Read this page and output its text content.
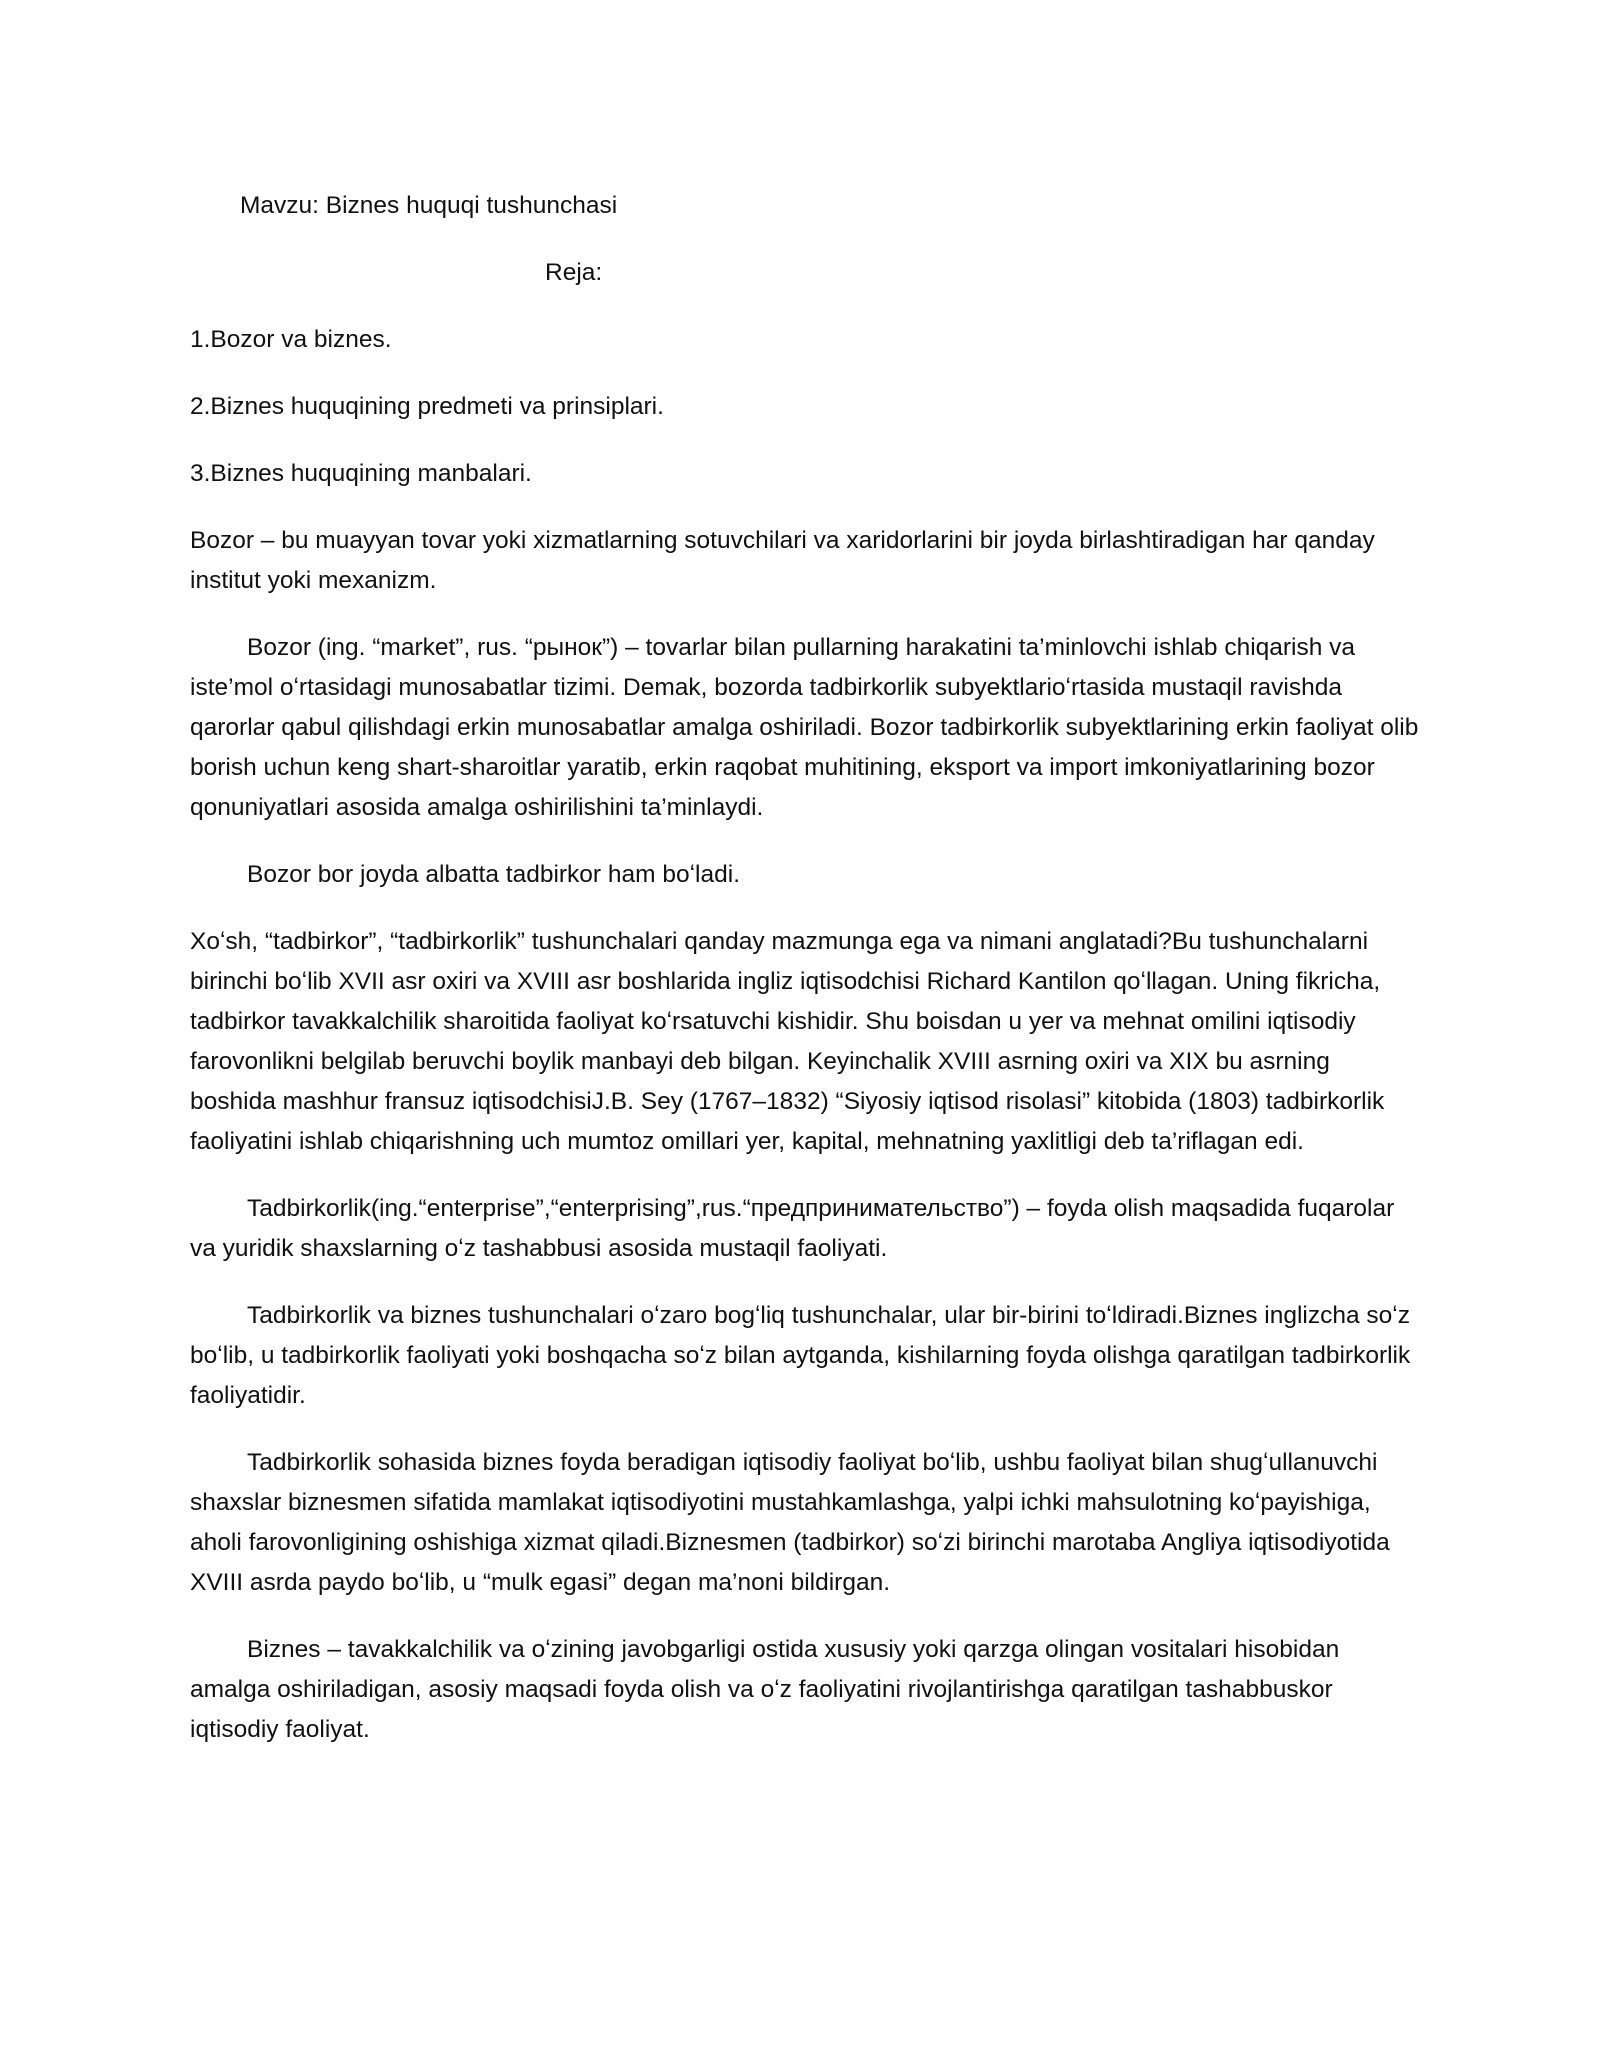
Mavzu: Biznes huquqi tushunchasi

Reja:

1.Bozor va biznes.

2.Biznes huquqining predmeti va prinsiplari.

3.Biznes huquqining manbalari.

Bozor – bu muayyan tovar yoki xizmatlarning sotuvchilari va xaridorlarini bir joyda birlashtiradigan har qanday institut yoki mexanizm.

Bozor (ing. “market”, rus. “рынок”) – tovarlar bilan pullarning harakatini ta’minlovchi ishlab chiqarish va iste’mol oʻrtasidagi munosabatlar tizimi. Demak, bozorda tadbirkorlik subyektlarioʻrtasida mustaqil ravishda qarorlar qabul qilishdagi erkin munosabatlar amalga oshiriladi. Bozor tadbirkorlik subyektlarining erkin faoliyat olib borish uchun keng shart-sharoitlar yaratib, erkin raqobat muhitining, eksport va import imkoniyatlarining bozor qonuniyatlari asosida amalga oshirilishini ta’minlaydi.

Bozor bor joyda albatta tadbirkor ham boʻladi.

Xoʻsh, “tadbirkor”, “tadbirkorlik” tushunchalari qanday mazmunga ega va nimani anglatadi?Bu tushunchalarni birinchi boʻlib XVII asr oxiri va XVIII asr boshlarida ingliz iqtisodchisi Richard Kantilon qoʻllagan. Uning fikricha, tadbirkor tavakkalchilik sharoitida faoliyat koʻrsatuvchi kishidir. Shu boisdan u yer va mehnat omilini iqtisodiy farovonlikni belgilab beruvchi boylik manbayi deb bilgan. Keyinchalik XVIII asrning oxiri va XIX bu asrning boshida mashhur fransuz iqtisodchisiJ.B. Sey (1767–1832) “Siyosiy iqtisod risolasi” kitobida (1803) tadbirkorlik faoliyatini ishlab chiqarishning uch mumtoz omillari yer, kapital, mehnatning yaxlitligi deb ta’riflagan edi.

Tadbirkorlik(ing.“enterprise”,“enterprising”,rus.“предпринимательство”) – foyda olish maqsadida fuqarolar va yuridik shaxslarning oʻz tashabbusi asosida mustaqil faoliyati.

Tadbirkorlik va biznes tushunchalari oʻzaro bogʻliq tushunchalar, ular bir-birini toʻldiradi.Biznes inglizcha soʻz boʻlib, u tadbirkorlik faoliyati yoki boshqacha soʻz bilan aytganda, kishilarning foyda olishga qaratilgan tadbirkorlik faoliyatidir.

Tadbirkorlik sohasida biznes foyda beradigan iqtisodiy faoliyat boʻlib, ushbu faoliyat bilan shugʻullanuvchi shaxslar biznesmen sifatida mamlakat iqtisodiyotini mustahkamlashga, yalpi ichki mahsulotning koʻpayishiga, aholi farovonligining oshishiga xizmat qiladi.Biznesmen (tadbirkor) soʻzi birinchi marotaba Angliya iqtisodiyotida XVIII asrda paydo boʻlib, u “mulk egasi” degan ma’noni bildirgan.

Biznes – tavakkalchilik va oʻzining javobgarligi ostida xususiy yoki qarzga olingan vositalari hisobidan amalga oshiriladigan, asosiy maqsadi foyda olish va oʻz faoliyatini rivojlantirishga qaratilgan tashabbuskor iqtisodiy faoliyat.
